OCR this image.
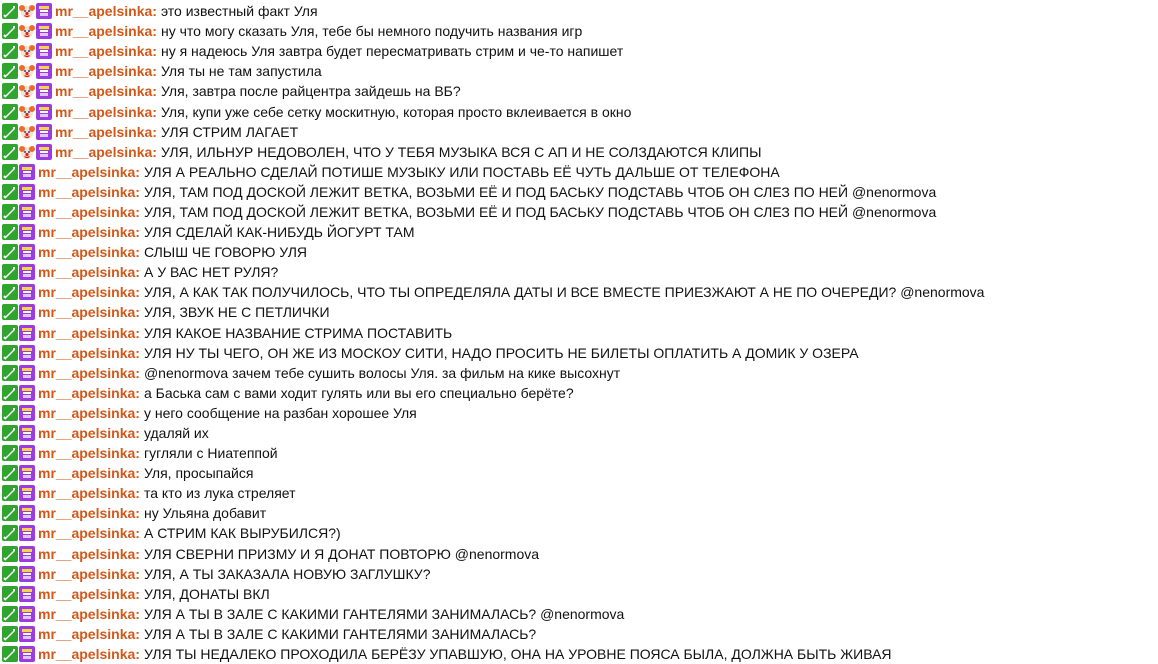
mr__apelsinka : это известный факт Уля
mr__apelsinka : ну что могу сказать Уля, тебе бы немного подучить названия игр
mr__apelsinka : ну я надеюсь Уля завтра будет пересматривать стрим и че-то напишет
mr__apelsinka : Уля ты не там запустила
mr__apelsinka : Уля, завтра после райцентра зайдешь на ВБ?
mr__apelsinka : Уля, купи уже себе сетку москитную, которая просто вклеивается в окно
mr__apelsinka : УЛЯ СТРИМ ЛАГАЕТ
mr__apelsinka : УЛЯ, ИЛЬНУР НЕДОВОЛЕН, ЧТО У ТЕБЯ МУЗЫКА ВСЯ С АП И НЕ СОЛЗДАЮТСЯ КЛИПЫ
mr__apelsinka : УЛЯ А РЕАЛЬНО СДЕЛАЙ ПОТИШЕ МУЗЫКУ ИЛИ ПОСТАВЬ ЕЁ ЧУТЬ ДАЛЬШЕ ОТ ТЕЛЕФОНА
mr__apelsinka : УЛЯ, ТАМ ПОД ДОСКОЙ ЛЕЖИТ ВЕТКА, ВОЗЬМИ ЕЁ И ПОД БАСЬКУ ПОДСТАВЬ ЧТОБ ОН СЛЕЗ ПО НЕЙ @nenormova
mr__apelsinka : УЛЯ, ТАМ ПОД ДОСКОЙ ЛЕЖИТ ВЕТКА, ВОЗЬМИ ЕЁ И ПОД БАСЬКУ ПОДСТАВЬ ЧТОБ ОН СЛЕЗ ПО НЕЙ @nenormova
mr__apelsinka : УЛЯ СДЕЛАЙ КАК-НИБУДЬ ЙОГУРТ ТАМ
mr__apelsinka : СЛЫШ ЧЕ ГОВОРЮ УЛЯ
mr__apelsinka : А У ВАС НЕТ РУЛЯ?
mr__apelsinka : УЛЯ, А КАК ТАК ПОЛУЧИЛОСЬ, ЧТО ТЫ ОПРЕДЕЛЯЛА ДАТЫ И ВСЕ ВМЕСТЕ ПРИЕЗЖАЮТ А НЕ ПО ОЧЕРЕДИ? @nenormova
mr__apelsinka : УЛЯ, ЗВУК НЕ С ПЕТЛИЧКИ
mr__apelsinka : УЛЯ КАКОЕ НАЗВАНИЕ СТРИМА ПОСТАВИТЬ
mr__apelsinka : УЛЯ НУ ТЫ ЧЕГО, ОН ЖЕ ИЗ МОСКОУ СИТИ, НАДО ПРОСИТЬ НЕ БИЛЕТЫ ОПЛАТИТЬ А ДОМИК У ОЗЕРА
mr__apelsinka : @nenormova зачем тебе сушить волосы Уля. за фильм на кике высохнут
mr__apelsinka : а Баська сам с вами ходит гулять или вы его специально берёте?
mr__apelsinka : у него сообщение на разбан хорошее Уля
mr__apelsinka : удаляй их
mr__apelsinka : гугляли с Ниатеппой
mr__apelsinka : Уля, просыпайся
mr__apelsinka : та кто из лука стреляет
mr__apelsinka : ну Ульяна добавит
mr__apelsinka : А СТРИМ КАК ВЫРУБИЛСЯ?)
mr__apelsinka : УЛЯ СВЕРНИ ПРИЗМУ И Я ДОНАТ ПОВТОРЮ @nenormova
mr__apelsinka : УЛЯ, А ТЫ ЗАКАЗАЛА НОВУЮ ЗАГЛУШКУ?
mr__apelsinka : УЛЯ, ДОНАТЫ ВКЛ
mr__apelsinka : УЛЯ А ТЫ В ЗАЛЕ С КАКИМИ ГАНТЕЛЯМИ ЗАНИМАЛАСЬ? @nenormova
mr__apelsinka : УЛЯ А ТЫ В ЗАЛЕ С КАКИМИ ГАНТЕЛЯМИ ЗАНИМАЛАСЬ?
mr__apelsinka : УЛЯ ТЫ НЕДАЛЕКО ПРОХОДИЛА БЕРЁЗУ УПАВШУЮ, ОНА НА УРОВНЕ ПОЯСА БЫЛА, ДОЛЖНА БЫТЬ ЖИВАЯ
